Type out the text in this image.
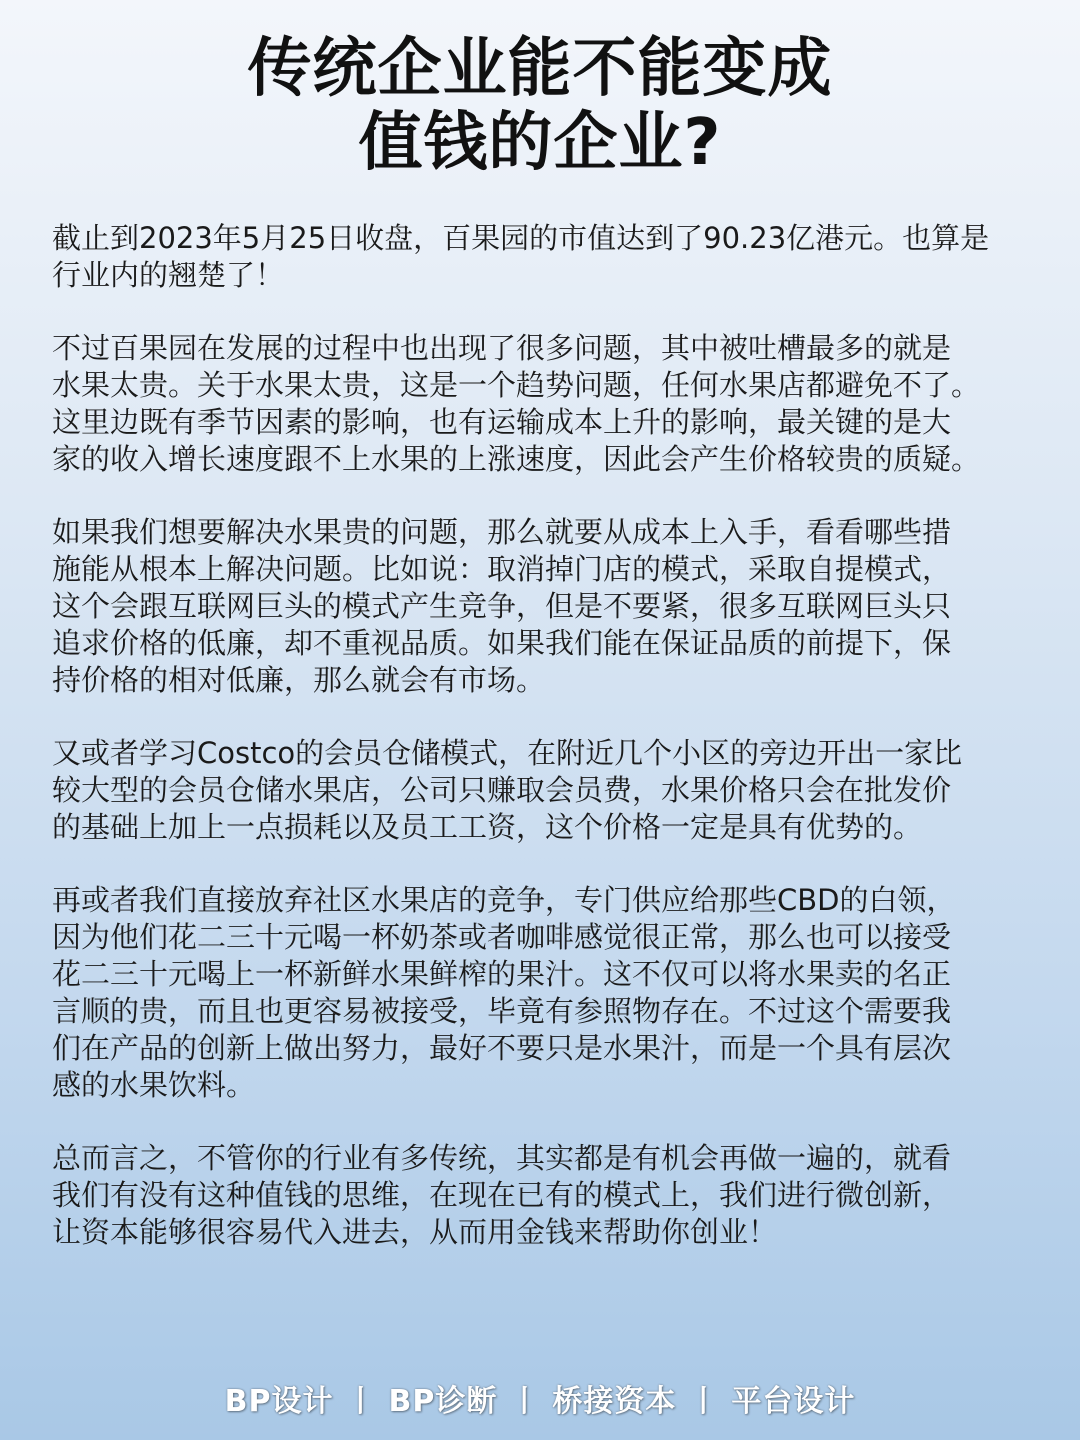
传统企业能不能变成
值钱的企业?

截止到2023年5月25日收盘，百果园的市值达到了90.23亿港元。也算是
行业内的翘楚了！

不过百果园在发展的过程中也出现了很多问题，其中被吐槽最多的就是
水果太贵。关于水果太贵，这是一个趋势问题，任何水果店都避免不了。
这里边既有季节因素的影响，也有运输成本上升的影响，最关键的是大
家的收入增长速度跟不上水果的上涨速度，因此会产生价格较贵的质疑。

如果我们想要解决水果贵的问题，那么就要从成本上入手，看看哪些措
施能从根本上解决问题。比如说：取消掉门店的模式，采取自提模式，
这个会跟互联网巨头的模式产生竞争，但是不要紧，很多互联网巨头只
追求价格的低廉，却不重视品质。如果我们能在保证品质的前提下，保
持价格的相对低廉，那么就会有市场。

又或者学习Costco的会员仓储模式，在附近几个小区的旁边开出一家比
较大型的会员仓储水果店，公司只赚取会员费，水果价格只会在批发价
的基础上加上一点损耗以及员工工资，这个价格一定是具有优势的。

再或者我们直接放弃社区水果店的竞争，专门供应给那些CBD的白领，
因为他们花二三十元喝一杯奶茶或者咖啡感觉很正常，那么也可以接受
花二三十元喝上一杯新鲜水果鲜榨的果汁。这不仅可以将水果卖的名正
言顺的贵，而且也更容易被接受，毕竟有参照物存在。不过这个需要我
们在产品的创新上做出努力，最好不要只是水果汁，而是一个具有层次
感的水果饮料。

总而言之，不管你的行业有多传统，其实都是有机会再做一遍的，就看
我们有没有这种值钱的思维，在现在已有的模式上，我们进行微创新，
让资本能够很容易代入进去，从而用金钱来帮助你创业！

BP设计 丨 BP诊断 丨 桥接资本 丨 平台设计
